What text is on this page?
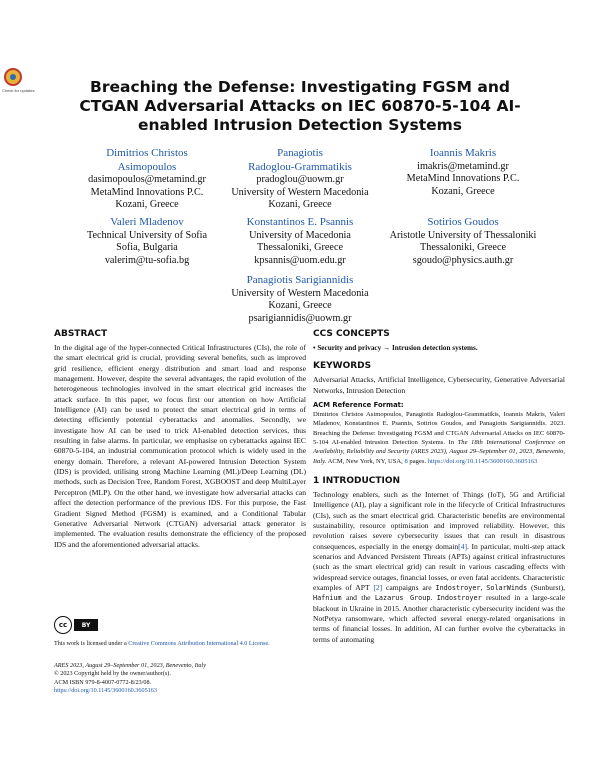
Check for updates	Breaching the Defense: Investigating FGSM and CTGAN Adversarial Attacks on IEC 60870-5-104 AI-enabled Intrusion Detection Systems
Dimitrios Christos
Asimopoulos
dasimopoulos@metamind.gr
MetaMind Innovations P.C.
Kozani, Greece
Panagiotis
Radoglou-Grammatikis
pradoglou@uowm.gr
University of Western Macedonia
Kozani, Greece
Ioannis Makris
imakris@metamind.gr
MetaMind Innovations P.C.
Kozani, Greece
Valeri Mladenov
Technical University of Sofia
Sofia, Bulgaria
valerim@tu-sofia.bg
Konstantinos E. Psannis
University of Macedonia
Thessaloniki, Greece
kpsannis@uom.edu.gr
Sotirios Goudos
Aristotle University of Thessaloniki
Thessaloniki, Greece
sgoudo@physics.auth.gr
Panagiotis Sarigiannidis
University of Western Macedonia
Kozani, Greece
psarigiannidis@uowm.gr
ABSTRACT

In the digital age of the hyper-connected Critical Infrastructures (CIs), the role of the smart electrical grid is crucial, providing several benefits, such as improved grid resilience, efficient energy distribution and smart load and response management. However, despite the several advantages, the rapid evolution of the heterogeneous technologies involved in the smart electrical grid increases the attack surface. In this paper, we focus first our attention on how Artificial Intelligence (AI) can be used to protect the smart electrical grid in terms of detecting efficiently potential cyberattacks and anomalies. Secondly, we investigate how AI can be used to trick AI-enabled detection services, thus resulting in false alarms. In particular, we emphasise on cyberattacks against IEC 60870-5-104, an industrial communication protocol which is widely used in the energy domain. Therefore, a relevant AI-powered Intrusion Detection System (IDS) is provided, utilising strong Machine Learning (ML)/Deep Learning (DL) methods, such as Decision Tree, Random Forest, XGBOOST and deep MultiLayer Perceptron (MLP). On the other hand, we investigate how adversarial attacks can affect the detection performance of the previous IDS. For this purpose, the Fast Gradient Signed Method (FGSM) is examined, and a Conditional Tabular Generative Adversarial Network (CTGAN) adversarial attack generator is implemented. The evaluation results demonstrate the efficiency of the proposed IDS and the aforementioned adversarial attacks.

cc	BY
This work is licensed under a Creative Commons Attribution International 4.0 License.
ARES 2023, August 29–September 01, 2023, Benevento, Italy
© 2023 Copyright held by the owner/author(s).
ACM ISBN 979-8-4007-0772-8/23/08.
https://doi.org/10.1145/3600160.3605163
CCS CONCEPTS

• Security and privacy → Intrusion detection systems.

KEYWORDS

Adversarial Attacks, Artificial Intelligence, Cybersecurity, Generative Adversarial Networks, Intrusion Detection

ACM Reference Format:

Dimitrios Christos Asimopoulos, Panagiotis Radoglou-Grammatikis, Ioannis Makris, Valeri Mladenov, Konstantinos E. Psannis, Sotirios Goudos, and Panagiotis Sarigiannidis. 2023. Breaching the Defense: Investigating FGSM and CTGAN Adversarial Attacks on IEC 60870-5-104 AI-enabled Intrusion Detection Systems. In The 18th International Conference on Availability, Reliability and Security (ARES 2023), August 29–September 01, 2023, Benevento, Italy. ACM, New York, NY, USA, 8 pages. https://doi.org/10.1145/3600160.3605163

1 INTRODUCTION

Technology enablers, such as the Internet of Things (IoT), 5G and Artificial Intelligence (AI), play a significant role in the lifecycle of Critical Infrastructures (CIs), such as the smart electrical grid. Characteristic benefits are environmental sustainability, resource optimisation and improved reliability. However, this revolution raises severe cybersecurity issues that can result in disastrous consequences, especially in the energy domain[4]. In particular, multi-step attack scenarios and Advanced Persistent Threats (APTs) against critical infrastructures (such as the smart electrical grid) can result in various cascading effects with widespread service outages, financial losses, or even fatal accidents. Characteristic examples of APT [2] campaigns are Indostroyer, SolarWinds (Sunburst), Hafnium and the Lazarus Group. Indostroyer resulted in a large-scale blackout in Ukraine in 2015. Another characteristic cybersecurity incident was the NotPetya ransomware, which affected several energy-related organisations in terms of financial losses. In addition, AI can further evolve the cyberattacks in terms of automating
